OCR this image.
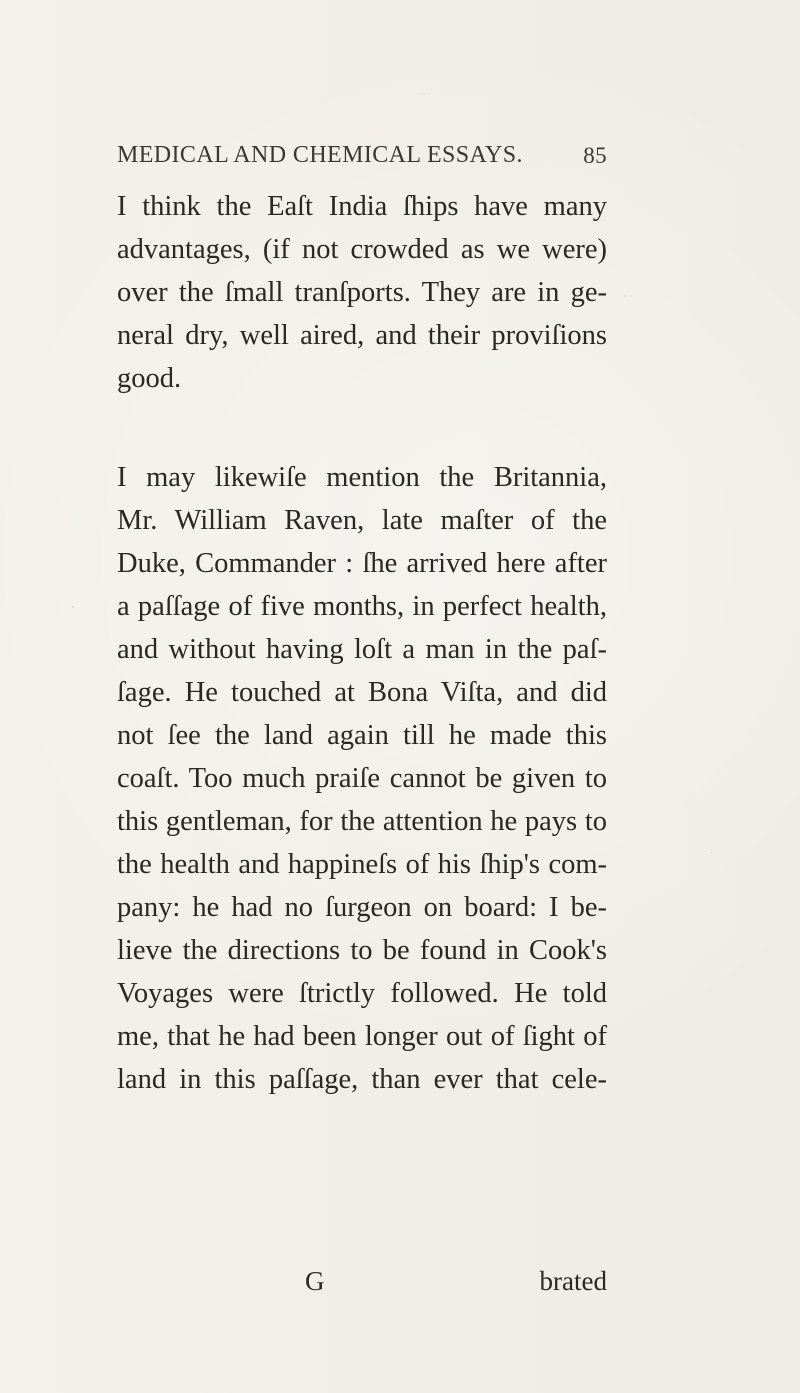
MEDICAL AND CHEMICAL ESSAYS.	85

I think the Eaſt India ſhips have many
advantages, (if not crowded as we were)
over the ſmall tranſports. They are in ge-
neral dry, well aired, and their proviſions
good.

I may likewiſe mention the Britannia,
Mr. William Raven, late maſter of the
Duke, Commander : ſhe arrived here after
a paſſage of five months, in perfect health,
and without having loſt a man in the paſ-
ſage. He touched at Bona Viſta, and did
not ſee the land again till he made this
coaſt. Too much praiſe cannot be given to
this gentleman, for the attention he pays to
the health and happineſs of his ſhip's com-
pany: he had no ſurgeon on board: I be-
lieve the directions to be found in Cook's
Voyages were ſtrictly followed. He told
me, that he had been longer out of ſight of
land in this paſſage, than ever that cele-

G	brated
